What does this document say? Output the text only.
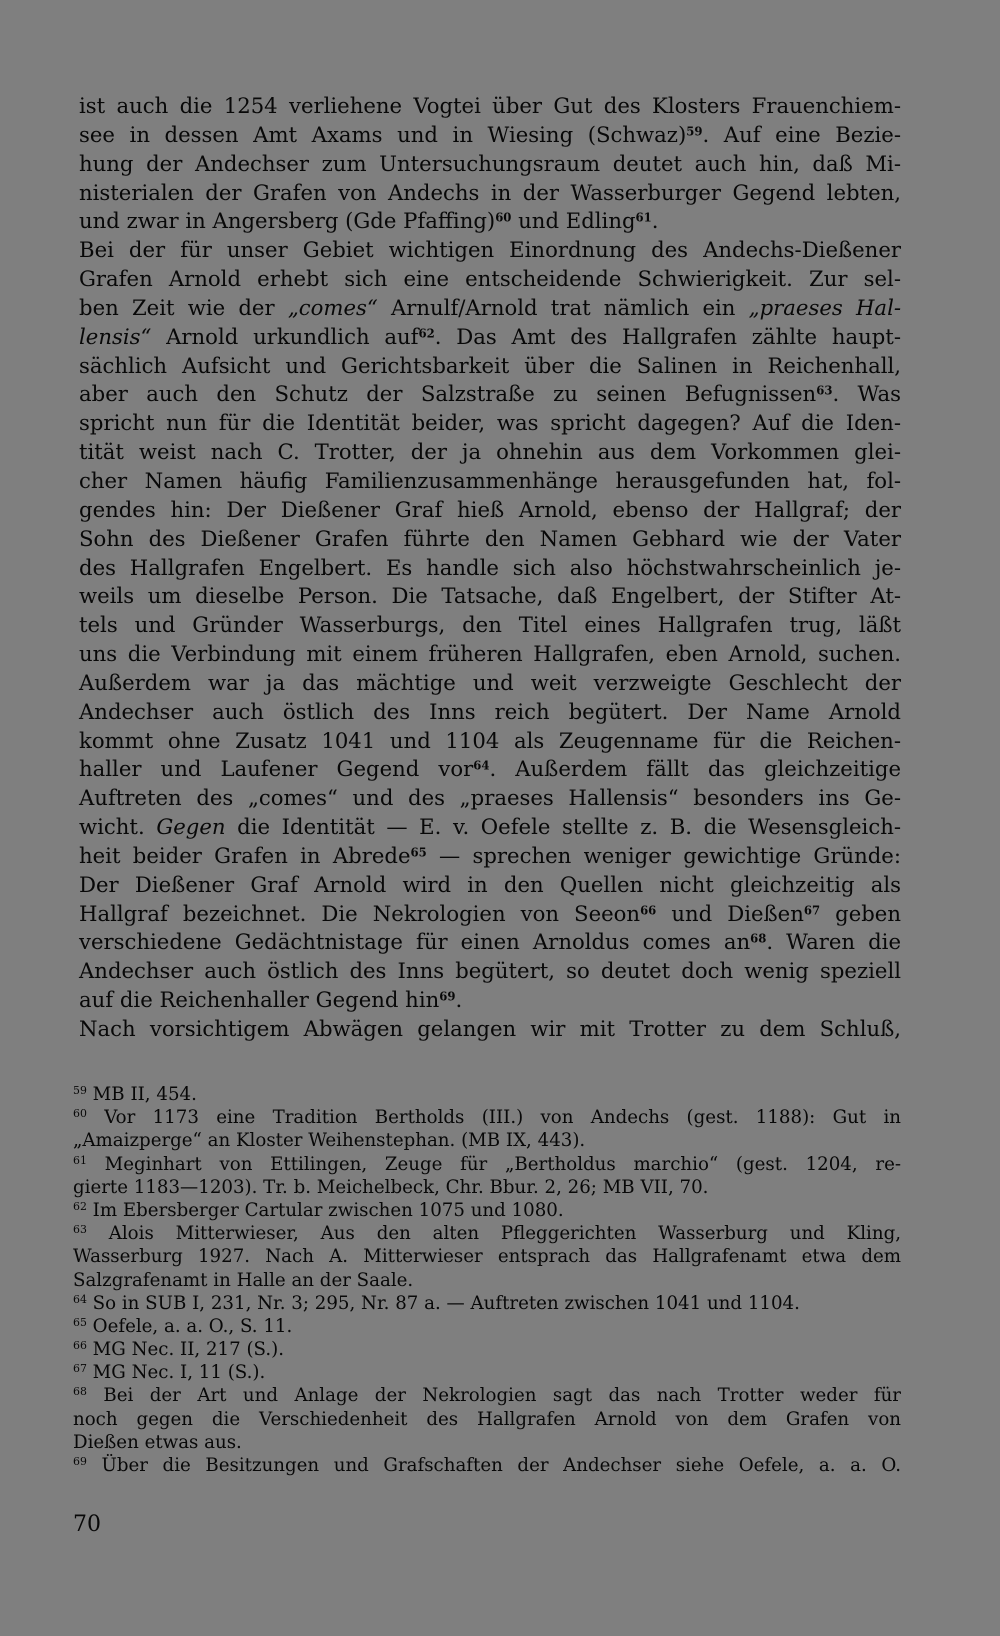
ist auch die 1254 verliehene Vogtei über Gut des Klosters Frauenchiem-
see in dessen Amt Axams und in Wiesing (Schwaz)$^{59}$. Auf eine Bezie-
hung der Andechser zum Untersuchungsraum deutet auch hin, daß Mi-
nisterialen der Grafen von Andechs in der Wasserburger Gegend lebten,
und zwar in Angersberg (Gde Pfaffing)$^{60}$ und Edling$^{61}$.
Bei der für unser Gebiet wichtigen Einordnung des Andechs-Dießener
Grafen Arnold erhebt sich eine entscheidende Schwierigkeit. Zur sel-
ben Zeit wie der „comes“ Arnulf/Arnold trat nämlich ein „praeses Hal-
lensis“ Arnold urkundlich auf$^{62}$. Das Amt des Hallgrafen zählte haupt-
sächlich Aufsicht und Gerichtsbarkeit über die Salinen in Reichenhall,
aber auch den Schutz der Salzstraße zu seinen Befugnissen$^{63}$. Was
spricht nun für die Identität beider, was spricht dagegen? Auf die Iden-
tität weist nach C. Trotter, der ja ohnehin aus dem Vorkommen glei-
cher Namen häufig Familienzusammenhänge herausgefunden hat, fol-
gendes hin: Der Dießener Graf hieß Arnold, ebenso der Hallgraf; der
Sohn des Dießener Grafen führte den Namen Gebhard wie der Vater
des Hallgrafen Engelbert. Es handle sich also höchstwahrscheinlich je-
weils um dieselbe Person. Die Tatsache, daß Engelbert, der Stifter At-
tels und Gründer Wasserburgs, den Titel eines Hallgrafen trug, läßt
uns die Verbindung mit einem früheren Hallgrafen, eben Arnold, suchen.
Außerdem war ja das mächtige und weit verzweigte Geschlecht der
Andechser auch östlich des Inns reich begütert. Der Name Arnold
kommt ohne Zusatz 1041 und 1104 als Zeugenname für die Reichen-
haller und Laufener Gegend vor$^{64}$. Außerdem fällt das gleichzeitige
Auftreten des „comes“ und des „praeses Hallensis“ besonders ins Ge-
wicht. Gegen die Identität — E. v. Oefele stellte z. B. die Wesensgleich-
heit beider Grafen in Abrede$^{65}$ — sprechen weniger gewichtige Gründe:
Der Dießener Graf Arnold wird in den Quellen nicht gleichzeitig als
Hallgraf bezeichnet. Die Nekrologien von Seeon$^{66}$ und Dießen$^{67}$ geben
verschiedene Gedächtnistage für einen Arnoldus comes $an^{68}$. Waren die
Andechser auch östlich des Inns begütert, so deutet doch wenig speziell
auf die Reichenhaller Gegend hin$^{69}$.
Nach vorsichtigem Abwägen gelangen wir mit Trotter zu dem Schluß,
$^{59}$ MB II, 454.
$^{60}$ Vor 1173 eine Tradition Bertholds (III.) von Andechs (gest. 1188): Gut in
„Amaizperge“ an Kloster Weihenstephan. (MB IX, 443).
$^{61}$ Meginhart von Ettilingen, Zeuge für „Bertholdus marchio“ (gest. 1204, re-
gierte 1183—1203). Tr. b. Meichelbeck, Chr. Bbur. 2, 26; MB VII, 70.
$^{62}$ Im Ebersberger Cartular zwischen 1075 und 1080.
$^{63}$ Alois Mitterwieser, Aus den alten Pfleggerichten Wasserburg und Kling,
Wasserburg 1927. Nach A. Mitterwieser entsprach das Hallgrafenamt etwa dem
Salzgrafenamt in Halle an der Saale.
$^{64}$ So in SUB I, 231, Nr. 3; 295, Nr. 87 a. — Auftreten zwischen 1041 und 1104.
$^{65}$ Oefele, a. a. O., S. 11.
$^{66}$ MG Nec. II, 217 (S.).
$^{67}$ MG Nec. I, 11 (S.).
$^{68}$ Bei der Art und Anlage der Nekrologien sagt das nach Trotter weder für
noch gegen die Verschiedenheit des Hallgrafen Arnold von dem Grafen von
Dießen etwas aus.
$^{69}$ Über die Besitzungen und Grafschaften der Andechser siehe Oefele, a. a. O.
70
